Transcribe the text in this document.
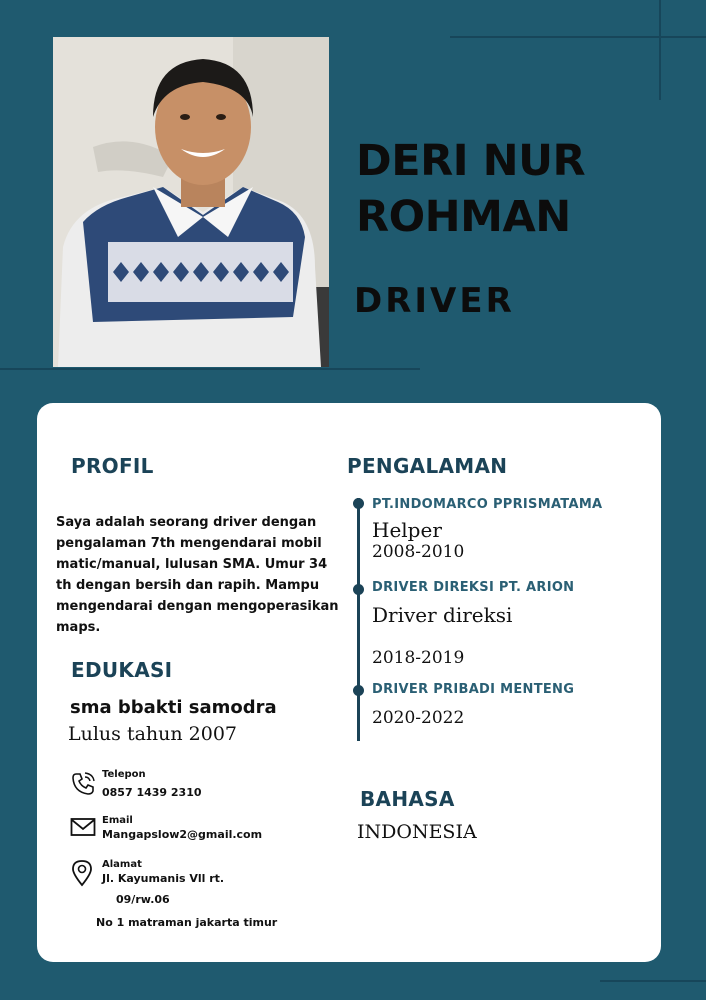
DERI NUR
ROHMAN
DRIVER
PROFIL
Saya adalah seorang driver dengan pengalaman 7th mengendarai mobil matic/manual, lulusan SMA. Umur 34 th dengan bersih dan rapih. Mampu mengendarai dengan mengoperasikan maps.
EDUKASI
sma bbakti samodra
Lulus tahun 2007
Telepon
0857 1439 2310
Email
Mangapslow2@gmail.com
Alamat
Jl. Kayumanis Vll rt.
09/rw.06
No 1 matraman jakarta timur
PENGALAMAN
PT.INDOMARCO PPRISMATAMA
Helper
2008-2010
DRIVER DIREKSI PT. ARION
Driver direksi
2018-2019
DRIVER PRIBADI MENTENG
2020-2022
BAHASA
INDONESIA
